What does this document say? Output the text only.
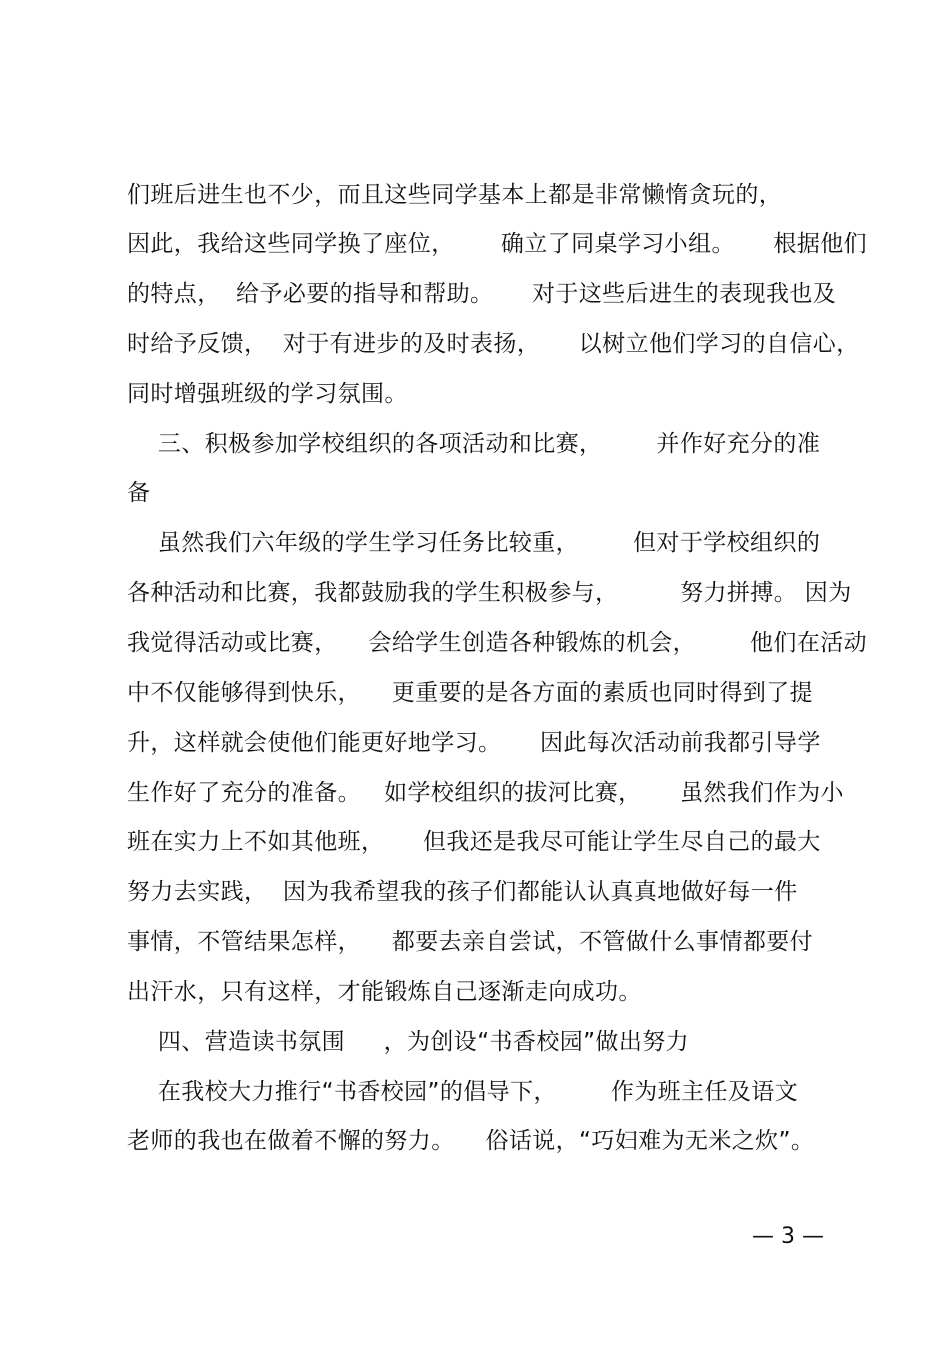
们班后进生也不少，而且这些同学基本上都是非常懒惰贪玩的，
因此，我给这些同学换了座位，      确立了同桌学习小组。     根据他们
的特点，  给予必要的指导和帮助。     对于这些后进生的表现我也及
时给予反馈，  对于有进步的及时表扬，     以树立他们学习的自信心，
同时增强班级的学习氛围。
三、积极参加学校组织的各项活动和比赛，       并作好充分的准
备
虽然我们六年级的学生学习任务比较重，       但对于学校组织的
各种活动和比赛，我都鼓励我的学生积极参与，        努力拼搏。 因为
我觉得活动或比赛，    会给学生创造各种锻炼的机会，       他们在活动
中不仅能够得到快乐，    更重要的是各方面的素质也同时得到了提
升，这样就会使他们能更好地学习。     因此每次活动前我都引导学
生作好了充分的准备。   如学校组织的拔河比赛，     虽然我们作为小
班在实力上不如其他班，     但我还是我尽可能让学生尽自己的最大
努力去实践，  因为我希望我的孩子们都能认认真真地做好每一件
事情，不管结果怎样，    都要去亲自尝试，不管做什么事情都要付
出汗水，只有这样，才能锻炼自己逐渐走向成功。
四、营造读书氛围     ，为创设“书香校园”做出努力
在我校大力推行“书香校园”的倡导下，       作为班主任及语文
老师的我也在做着不懈的努力。    俗话说，“巧妇难为无米之炊”。
— 3 —
